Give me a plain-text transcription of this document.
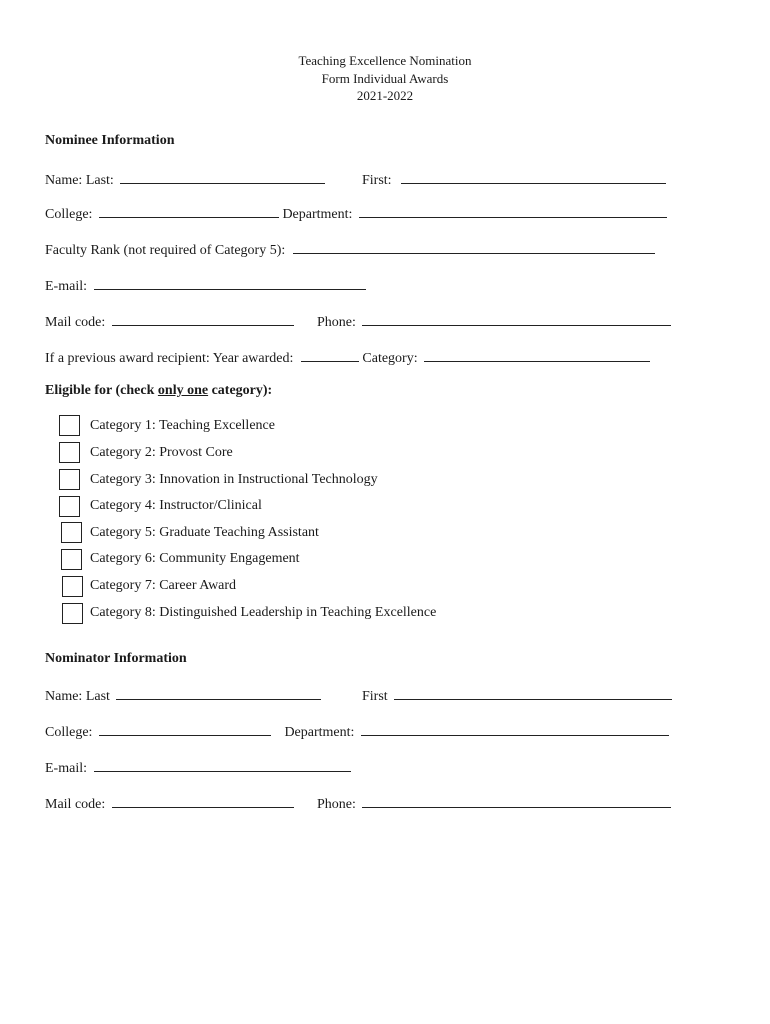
Teaching Excellence Nomination
Form Individual Awards
2021-2022
Nominee Information
Name: Last:	First:
College:	Department:
Faculty Rank (not required of Category 5):
E-mail:
Mail code:	Phone:
If a previous award recipient: Year awarded:	Category:
Eligible for (check only one category):
Category 1: Teaching Excellence
Category 2: Provost Core
Category 3: Innovation in Instructional Technology
Category 4: Instructor/Clinical
Category 5: Graduate Teaching Assistant
Category 6: Community Engagement
Category 7: Career Award
Category 8: Distinguished Leadership in Teaching Excellence
Nominator Information
Name: Last	First
College:	Department:
E-mail:
Mail code:	Phone:
